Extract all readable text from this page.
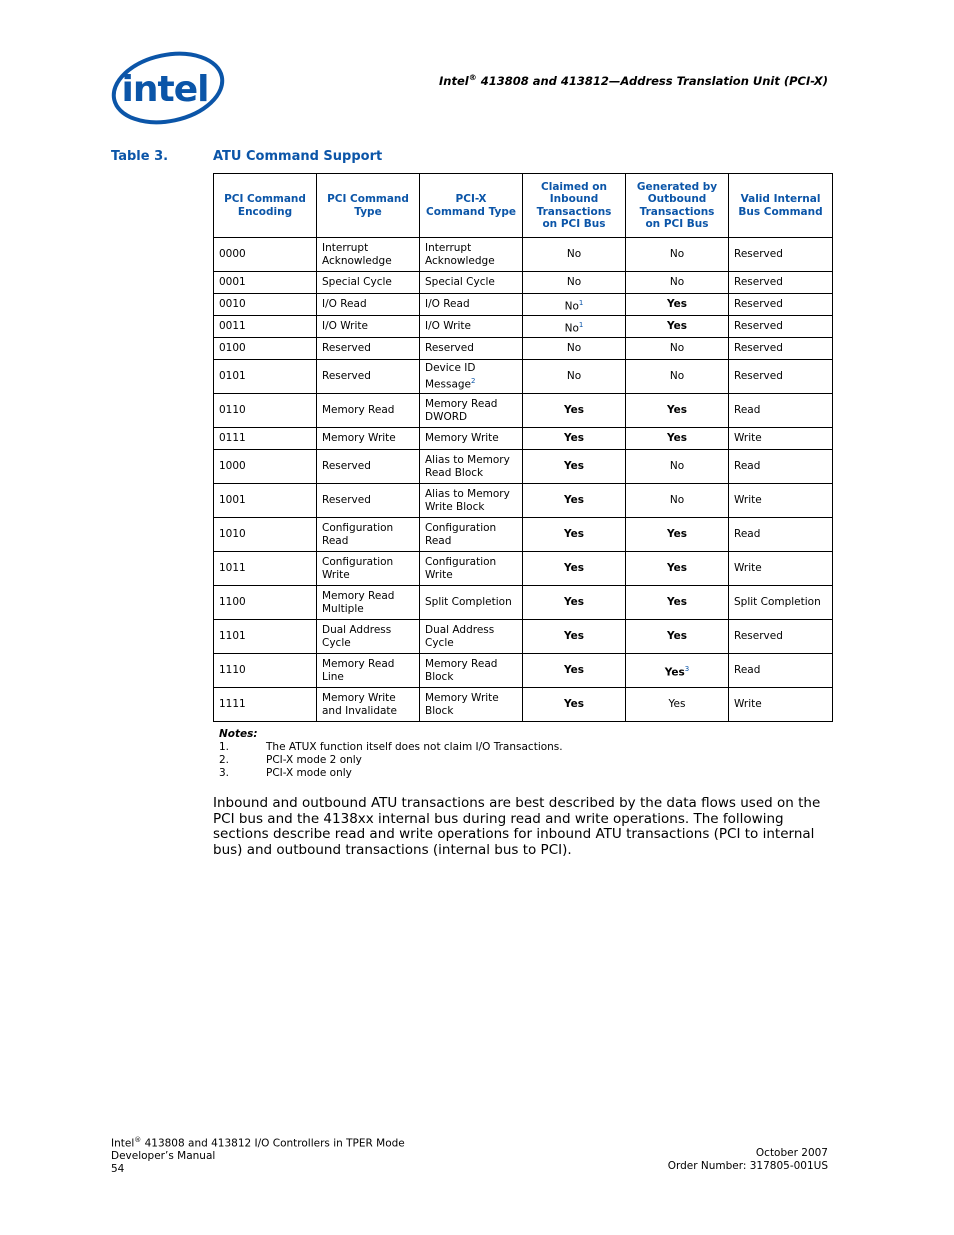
intel	Intel® 413808 and 413812—Address Translation Unit (PCI-X)
Table 3.	ATU Command Support
PCI Command Encoding	PCI Command Type	PCI-X Command Type	Claimed on Inbound Transactions on PCI Bus	Generated by Outbound Transactions on PCI Bus	Valid Internal Bus Command
0000	Interrupt Acknowledge	Interrupt Acknowledge	No	No	Reserved
0001	Special Cycle	Special Cycle	No	No	Reserved
0010	I/O Read	I/O Read	No$^1$	Yes	Reserved
0011	I/O Write	I/O Write	No$^1$	Yes	Reserved
0100	Reserved	Reserved	No	No	Reserved
0101	Reserved	Device ID Message$^2$	No	No	Reserved
0110	Memory Read	Memory Read DWORD	Yes	Yes	Read
0111	Memory Write	Memory Write	Yes	Yes	Write
1000	Reserved	Alias to Memory Read Block	Yes	No	Read
1001	Reserved	Alias to Memory Write Block	Yes	No	Write
1010	Configuration Read	Configuration Read	Yes	Yes	Read
1011	Configuration Write	Configuration Write	Yes	Yes	Write
1100	Memory Read Multiple	Split Completion	Yes	Yes	Split Completion
1101	Dual Address Cycle	Dual Address Cycle	Yes	Yes	Reserved
1110	Memory Read Line	Memory Read Block	Yes	Yes$^3$	Read
1111	Memory Write and Invalidate	Memory Write Block	Yes	Yes	Write
Notes:
1.	The ATUX function itself does not claim I/O Transactions.
2.	PCI-X mode 2 only
3.	PCI-X mode only
Inbound and outbound ATU transactions are best described by the data flows used on the PCI bus and the 4138xx internal bus during read and write operations. The following sections describe read and write operations for inbound ATU transactions (PCI to internal bus) and outbound transactions (internal bus to PCI).
Intel® 413808 and 413812 I/O Controllers in TPER Mode
Developer’s Manual
54
October 2007
Order Number: 317805-001US
